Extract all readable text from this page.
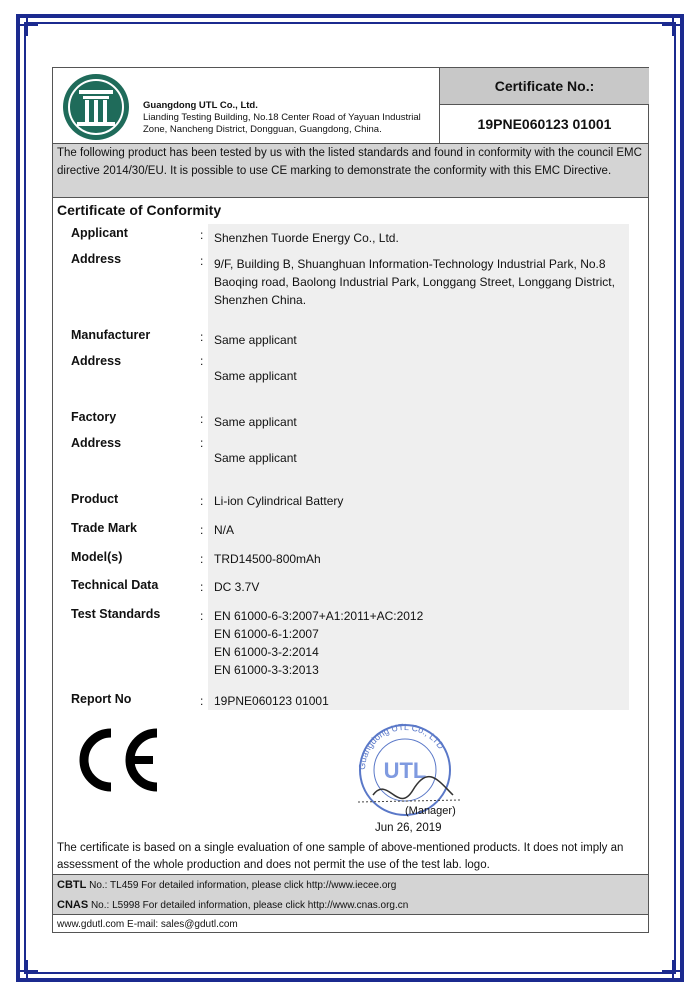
Guangdong UTL Co., Ltd.
Lianding Testing Building, No.18 Center Road of Yayuan Industrial
Zone, Nancheng District, Dongguan, Guangdong, China.
Certificate No.:
19PNE060123 01001
The following product has been tested by us with the listed standards and found in conformity with the council EMC directive 2014/30/EU. It is possible to use CE marking to demonstrate the conformity with this EMC Directive.
Certificate of Conformity
Applicant	: Shenzhen Tuorde Energy Co., Ltd.
Address	: 9/F, Building B, Shuanghuan Information-Technology Industrial Park, No.8 Baoqing road, Baolong Industrial Park, Longgang Street, Longgang District, Shenzhen China.
Manufacturer	: Same applicant
Address	:
Same applicant
Factory	: Same applicant
Address	:
Same applicant
Product	: Li-ion Cylindrical Battery
Trade Mark	: N/A
Model(s)	: TRD14500-800mAh
Technical Data	: DC 3.7V
Test Standards	: EN 61000-6-3:2007+A1:2011+AC:2012
EN 61000-6-1:2007
EN 61000-3-2:2014
EN 61000-3-3:2013
Report No	: 19PNE060123 01001
Guangdong UTL Co., LTD
UTL
(Manager)
Jun 26, 2019
The certificate is based on a single evaluation of one sample of above-mentioned products. It does not imply an assessment of the whole production and does not permit the use of the test lab. logo.
CBTL No.: TL459 For detailed information, please click http://www.iecee.org
CNAS No.: L5998 For detailed information, please click http://www.cnas.org.cn
www.gdutl.com E-mail: sales@gdutl.com
